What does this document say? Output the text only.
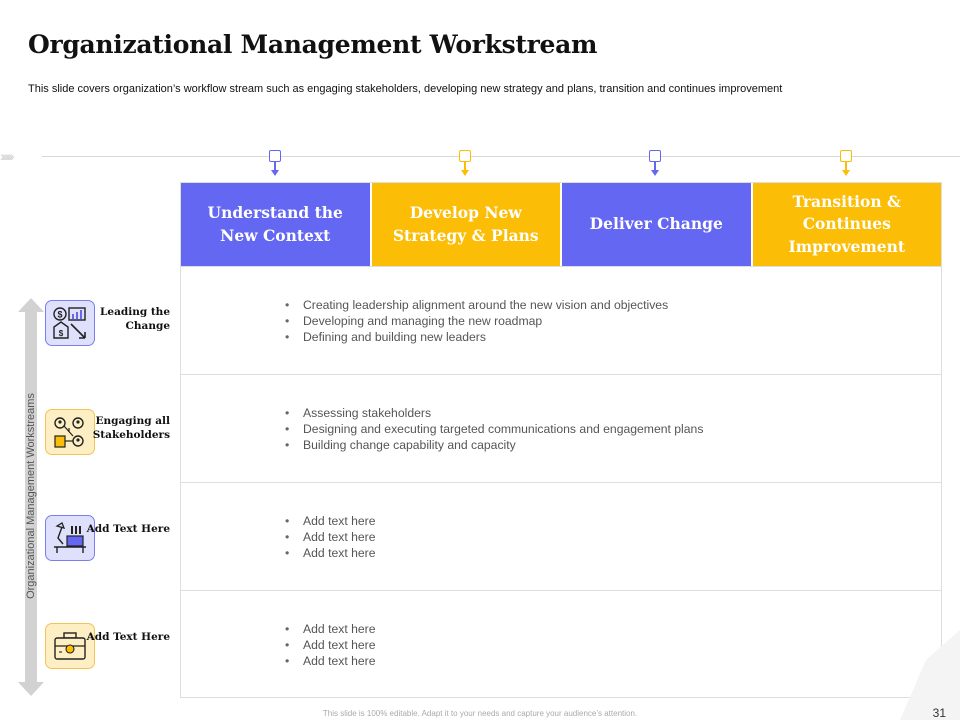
Organizational Management Workstream
This slide covers organization’s workflow stream such as engaging stakeholders, developing new strategy and plans, transition and continues improvement
›››››››
Understand the New Context
Develop New Strategy & Plans
Deliver Change
Transition & Continues Improvement
• Creating leadership alignment around the new vision and objectives
• Developing and managing the new roadmap
• Defining and building new leaders
• Assessing stakeholders
• Designing and executing targeted communications and engagement plans
• Building change capability and capacity
• Add text here
• Add text here
• Add text here
• Add text here
• Add text here
• Add text here
Organizational Management Workstreams
$
$
Leading the Change
Engaging all Stakeholders
Add Text Here
Add Text Here
This slide is 100% editable. Adapt it to your needs and capture your audience’s attention.	31
